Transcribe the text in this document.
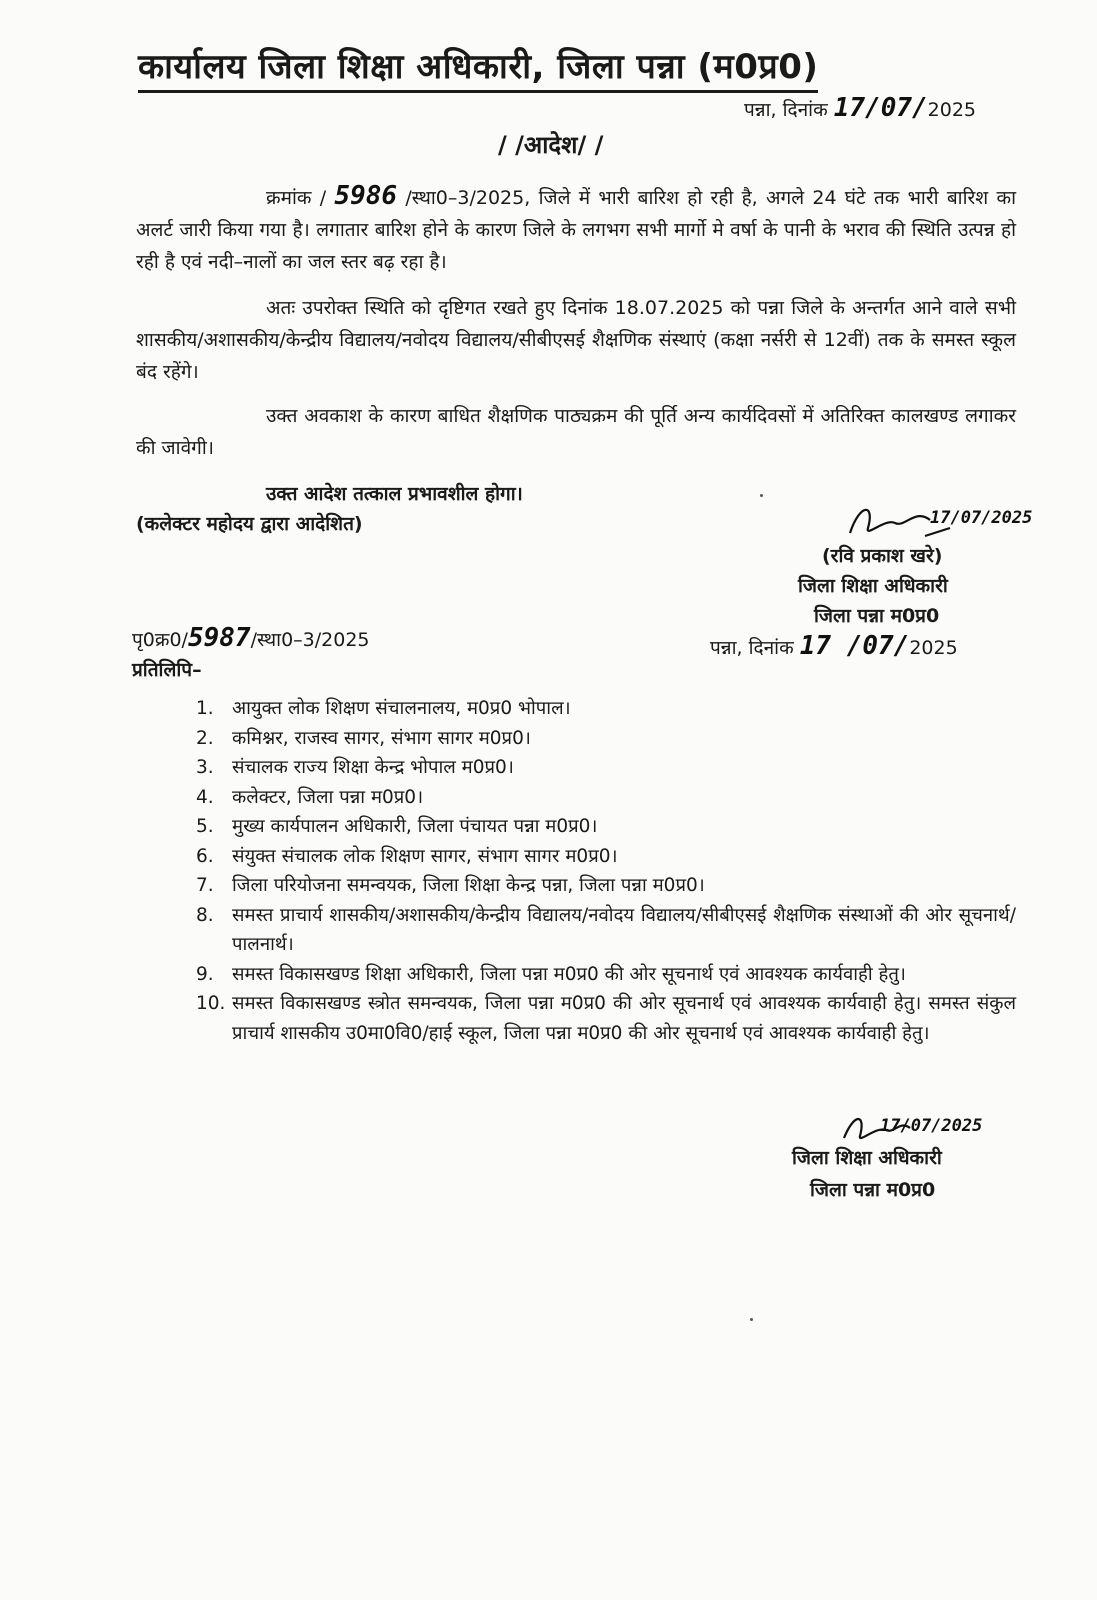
कार्यालय जिला शिक्षा अधिकारी, जिला पन्ना (म0प्र0)
पन्ना, दिनांक 17/07/2025
/ /आदेश/ /
क्रमांक / 5986 /स्था0–3/2025, जिले में भारी बारिश हो रही है, अगले 24 घंटे तक भारी बारिश का अलर्ट जारी किया गया है। लगातार बारिश होने के कारण जिले के लगभग सभी मार्गो मे वर्षा के पानी के भराव की स्थिति उत्पन्न हो रही है एवं नदी–नालों का जल स्तर बढ़ रहा है।
अतः उपरोक्त स्थिति को दृष्टिगत रखते हुए दिनांक 18.07.2025 को पन्ना जिले के अन्तर्गत आने वाले सभी शासकीय/अशासकीय/केन्द्रीय विद्यालय/नवोदय विद्यालय/सीबीएसई शैक्षणिक संस्थाएं (कक्षा नर्सरी से 12वीं) तक के समस्त स्कूल बंद रहेंगे।
उक्त अवकाश के कारण बाधित शैक्षणिक पाठ्यक्रम की पूर्ति अन्य कार्यदिवसों में अतिरिक्त कालखण्ड लगाकर की जावेगी।
उक्त आदेश तत्काल प्रभावशील होगा।
(कलेक्टर महोदय द्वारा आदेशित)	17/07/2025
(रवि प्रकाश खरे)
जिला शिक्षा अधिकारी
जिला पन्ना म0प्र0
पृ0क्र0/5987/स्था0–3/2025	पन्ना, दिनांक 17 /07/2025
प्रतिलिपि–
1. आयुक्त लोक शिक्षण संचालनालय, म0प्र0 भोपाल।
2. कमिश्नर, राजस्व सागर, संभाग सागर म0प्र0।
3. संचालक राज्य शिक्षा केन्द्र भोपाल म0प्र0।
4. कलेक्टर, जिला पन्ना म0प्र0।
5. मुख्य कार्यपालन अधिकारी, जिला पंचायत पन्ना म0प्र0।
6. संयुक्त संचालक लोक शिक्षण सागर, संभाग सागर म0प्र0।
7. जिला परियोजना समन्वयक, जिला शिक्षा केन्द्र पन्ना, जिला पन्ना म0प्र0।
8. समस्त प्राचार्य शासकीय/अशासकीय/केन्द्रीय विद्यालय/नवोदय विद्यालय/सीबीएसई शैक्षणिक संस्थाओं की ओर सूचनार्थ/पालनार्थ।
9. समस्त विकासखण्ड शिक्षा अधिकारी, जिला पन्ना म0प्र0 की ओर सूचनार्थ एवं आवश्यक कार्यवाही हेतु।
10. समस्त विकासखण्ड स्त्रोत समन्वयक, जिला पन्ना म0प्र0 की ओर सूचनार्थ एवं आवश्यक कार्यवाही हेतु। समस्त संकुल प्राचार्य शासकीय उ0मा0वि0/हाई स्कूल, जिला पन्ना म0प्र0 की ओर सूचनार्थ एवं आवश्यक कार्यवाही हेतु।
17/07/2025
जिला शिक्षा अधिकारी
जिला पन्ना म0प्र0
